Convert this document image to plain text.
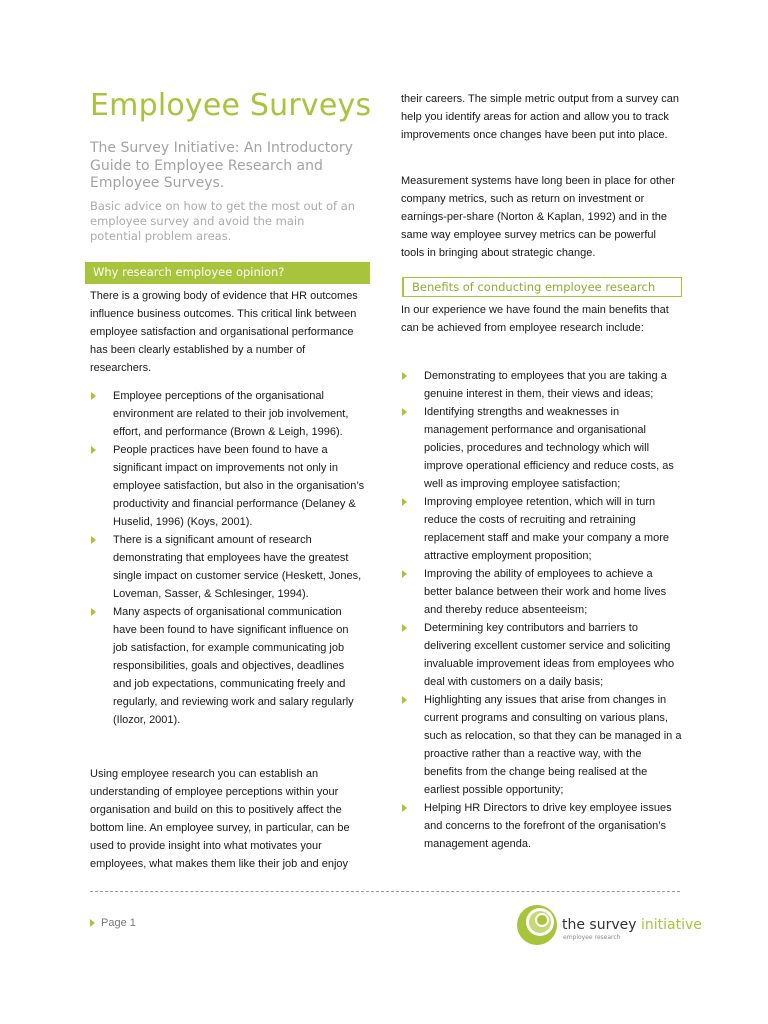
Employee Surveys
The Survey Initiative: An Introductory Guide to Employee Research and Employee Surveys.
Basic advice on how to get the most out of an employee survey and avoid the main potential problem areas.
Why research employee opinion?

There is a growing body of evidence that HR outcomes influence business outcomes. This critical link between employee satisfaction and organisational performance has been clearly established by a number of researchers.

Employee perceptions of the organisational environment are related to their job involvement, effort, and performance (Brown & Leigh, 1996).
People practices have been found to have a significant impact on improvements not only in employee satisfaction, but also in the organisation’s productivity and financial performance (Delaney & Huselid, 1996) (Koys, 2001).
There is a significant amount of research demonstrating that employees have the greatest single impact on customer service (Heskett, Jones, Loveman, Sasser, & Schlesinger, 1994).
Many aspects of organisational communication have been found to have significant influence on job satisfaction, for example communicating job responsibilities, goals and objectives, deadlines and job expectations, communicating freely and regularly, and reviewing work and salary regularly (Ilozor, 2001).

Using employee research you can establish an understanding of employee perceptions within your organisation and build on this to positively affect the bottom line. An employee survey, in particular, can be used to provide insight into what motivates your employees, what makes them like their job and enjoy

their careers. The simple metric output from a survey can help you identify areas for action and allow you to track improvements once changes have been put into place.

Measurement systems have long been in place for other company metrics, such as return on investment or earnings-per-share (Norton & Kaplan, 1992) and in the same way employee survey metrics can be powerful tools in bringing about strategic change.

Benefits of conducting employee research

In our experience we have found the main benefits that can be achieved from employee research include:

Demonstrating to employees that you are taking a genuine interest in them, their views and ideas;
Identifying strengths and weaknesses in management performance and organisational policies, procedures and technology which will improve operational efficiency and reduce costs, as well as improving employee satisfaction;
Improving employee retention, which will in turn reduce the costs of recruiting and retraining replacement staff and make your company a more attractive employment proposition;
Improving the ability of employees to achieve a better balance between their work and home lives and thereby reduce absenteeism;
Determining key contributors and barriers to delivering excellent customer service and soliciting invaluable improvement ideas from employees who deal with customers on a daily basis;
Highlighting any issues that arise from changes in current programs and consulting on various plans, such as relocation, so that they can be managed in a proactive rather than a reactive way, with the benefits from the change being realised at the earliest possible opportunity;
Helping HR Directors to drive key employee issues and concerns to the forefront of the organisation’s management agenda.
Page 1	the survey initiative
employee research
